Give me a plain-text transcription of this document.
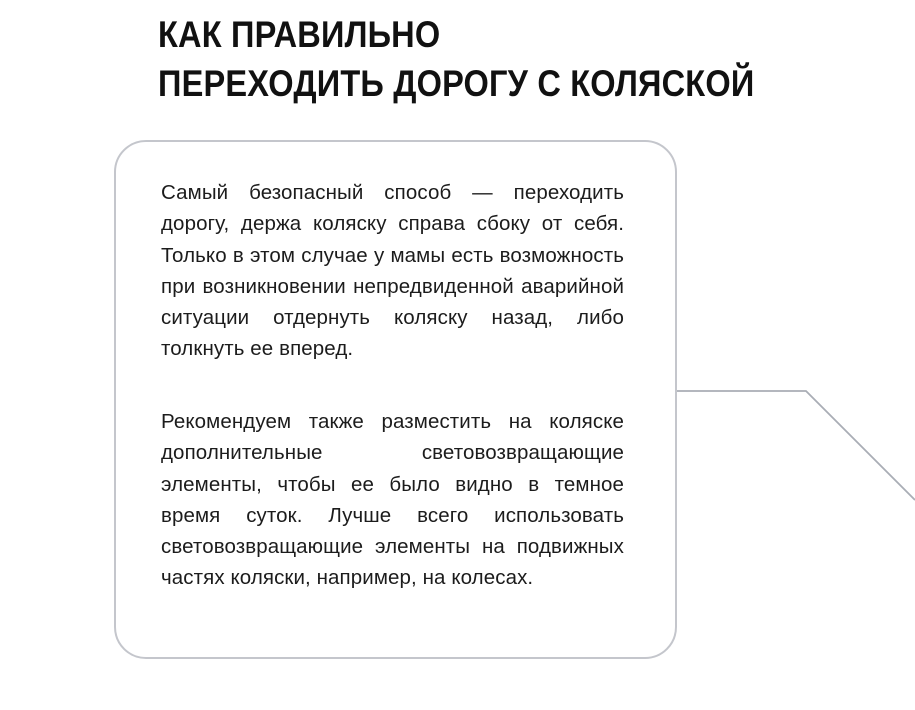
КАК ПРАВИЛЬНО
ПЕРЕХОДИТЬ ДОРОГУ С КОЛЯСКОЙ

Самый безопасный способ — переходить дорогу, держа коляску справа сбоку от себя. Только в этом случае у мамы есть возможность при возникновении непредвиденной аварийной ситуации отдернуть коляску назад, либо толкнуть ее вперед.

Рекомендуем также разместить на коляске дополнительные световозвращающие элементы, чтобы ее было видно в темное время суток. Лучше всего использовать световозвращающие элементы на подвижных частях коляски, например, на колесах.
